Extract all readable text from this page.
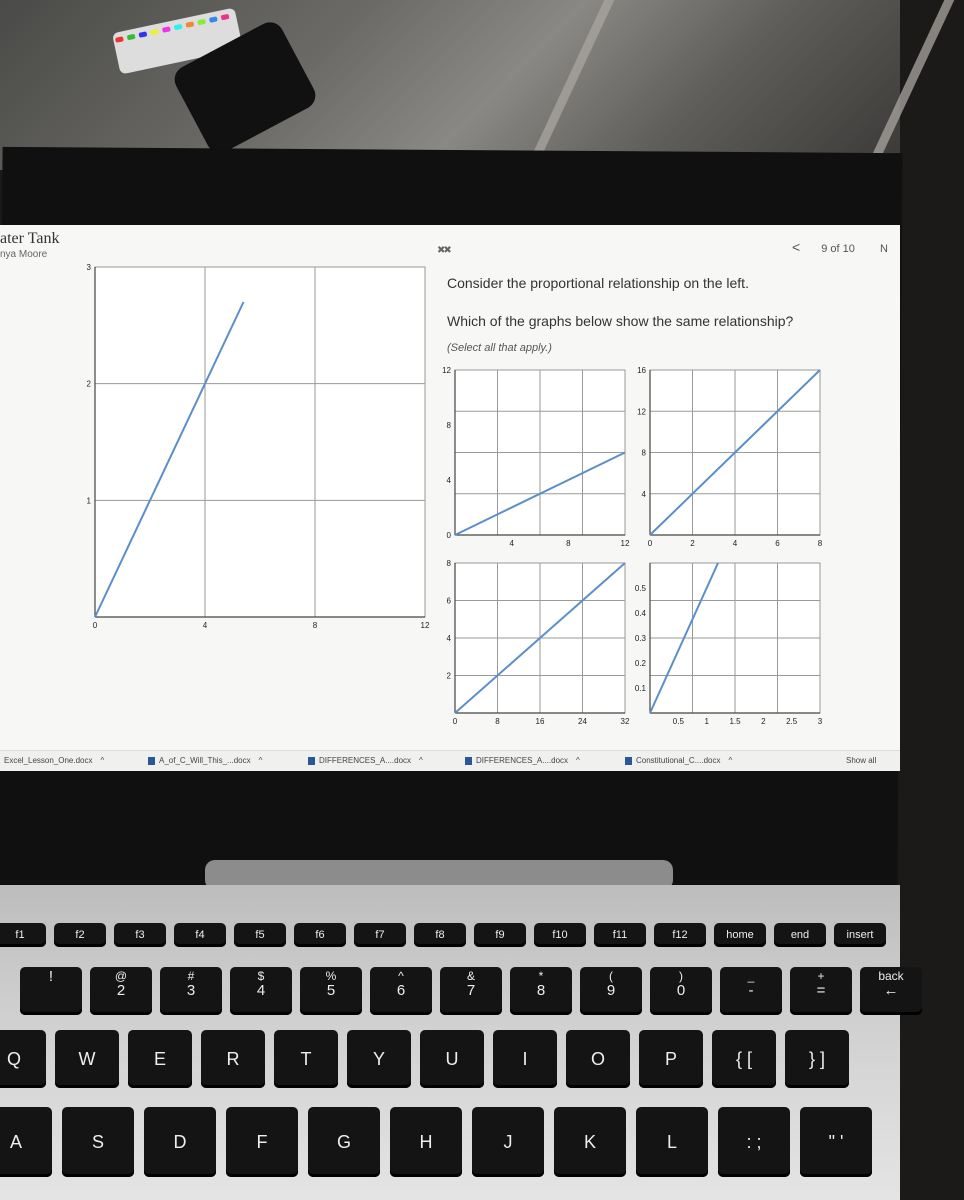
ater Tank
nya Moore	✖✖	< 9 of 10 N
Consider the proportional relationship on the left.
Which of the graphs below show the same relationship?
(Select all that apply.)
0	4	8	12
1
2
3
4	8	12
0
4
8
12
0	2	4	6	8
4
8
12
16
0	8	16	24	32
2
4
6
8
0.5	1	1.5	2	2.5	3
0.1
0.2
0.3
0.4
0.5
Excel_Lesson_One.docx ^	A_of_C_Will_This_...docx ^	DIFFERENCES_A....docx ^	DIFFERENCES_A....docx ^	Constitutional_C....docx ^	Show all
f1	f2	f3	f4	f5	f6	f7	f8	f9	f10	f11	f12	home	end	insert
!	@
2
#
3
$
4
%
5
^
6
&
7
*
8
(
9
)
0
_
-
+
=
back
←
Q	W	E	R	T	Y	U	I	O	P	{ [	} ]
A	S	D	F	G	H	J	K	L	: ;	" '
